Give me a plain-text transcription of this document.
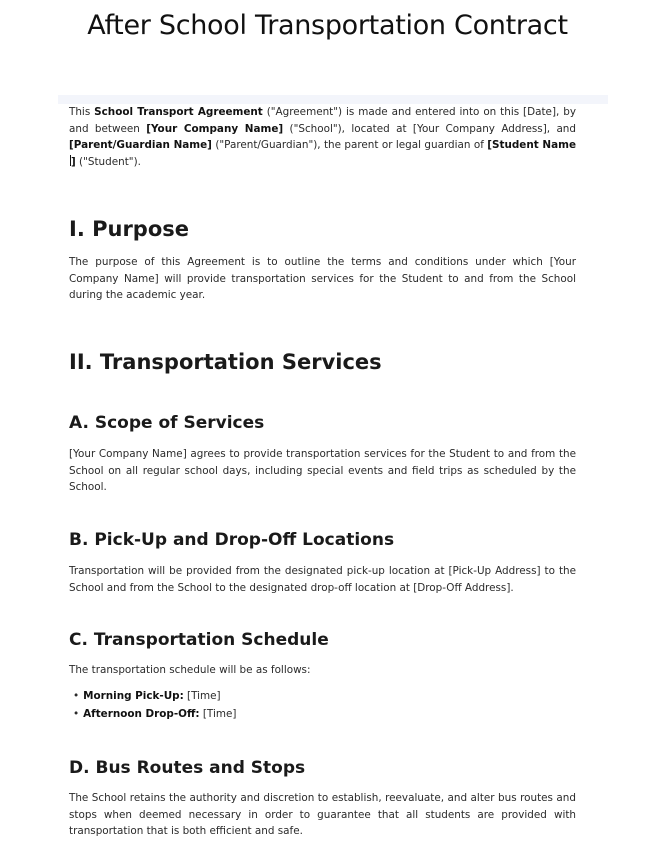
After School Transportation Contract

This School Transport Agreement ("Agreement") is made and entered into on this [Date], by and between [Your Company Name] ("School"), located at [Your Company Address], and [Parent/Guardian Name] ("Parent/Guardian"), the parent or legal guardian of [Student Name] ("Student").

I. Purpose

The purpose of this Agreement is to outline the terms and conditions under which [Your Company Name] will provide transportation services for the Student to and from the School during the academic year.

II. Transportation Services
A. Scope of Services

[Your Company Name] agrees to provide transportation services for the Student to and from the School on all regular school days, including special events and field trips as scheduled by the School.

B. Pick-Up and Drop-Off Locations

Transportation will be provided from the designated pick-up location at [Pick-Up Address] to the School and from the School to the designated drop-off location at [Drop-Off Address].

C. Transportation Schedule

The transportation schedule will be as follows:

• Morning Pick-Up: [Time]
• Afternoon Drop-Off: [Time]
D. Bus Routes and Stops

The School retains the authority and discretion to establish, reevaluate, and alter bus routes and stops when deemed necessary in order to guarantee that all students are provided with transportation that is both efficient and safe.
